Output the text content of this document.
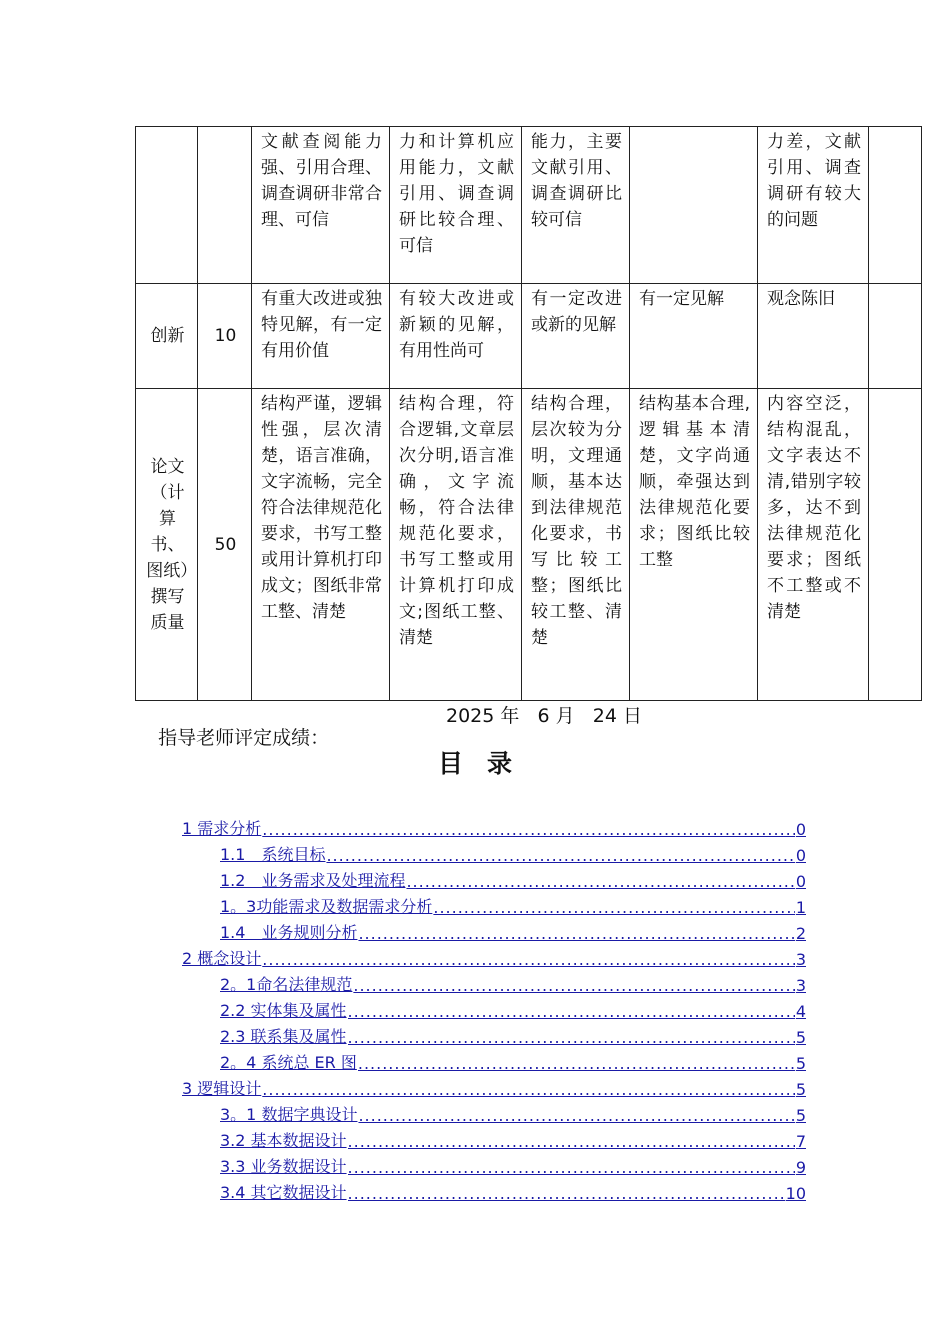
		文献查阅能力强、引用合理、调查调研非常合理、可信	力和计算机应用能力，文献引用、调查调研比较合理、可信	能力，主要文献引用、调查调研比较可信		力差，文献引用、调查调研有较大的问题	
创新	10	有重大改进或独特见解，有一定有用价值	有较大改进或新颖的见解，有用性尚可	有一定改进或新的见解	有一定见解	观念陈旧	
论文（计算书、图纸）撰写质量	50	结构严谨，逻辑性强，层次清楚，语言准确，文字流畅，完全符合法律规范化要求，书写工整或用计算机打印成文；图纸非常工整、清楚	结构合理，符合逻辑,文章层次分明,语言准确，文字流畅，符合法律规范化要求，书写工整或用计算机打印成文;图纸工整、清楚	结构合理，层次较为分明，文理通顺，基本达到法律规范化要求，书写比较工整；图纸比较工整、清楚	结构基本合理,逻辑基本清楚，文字尚通顺，牵强达到法律规范化要求；图纸比较工整	内容空泛，结构混乱，文字表达不清,错别字较多，达不到法律规范化要求；图纸不工整或不清楚	

指导老师评定成绩：

2025 年   6 月   24 日

目录
1 需求分析 .....	0
1.1　系统目标 .....	0
1.2　业务需求及处理流程 .....	0
1。3功能需求及数据需求分析 .....	1
1.4　业务规则分析 .....	2
2 概念设计 .....	3
2。1命名法律规范 .....	3
2.2 实体集及属性 .....	4
2.3 联系集及属性 .....	5
2。4 系统总 ER 图 .....	5
3 逻辑设计 .....	5
3。1 数据字典设计 .....	5
3.2 基本数据设计 .....	7
3.3 业务数据设计 .....	9
3.4 其它数据设计 .....	10
